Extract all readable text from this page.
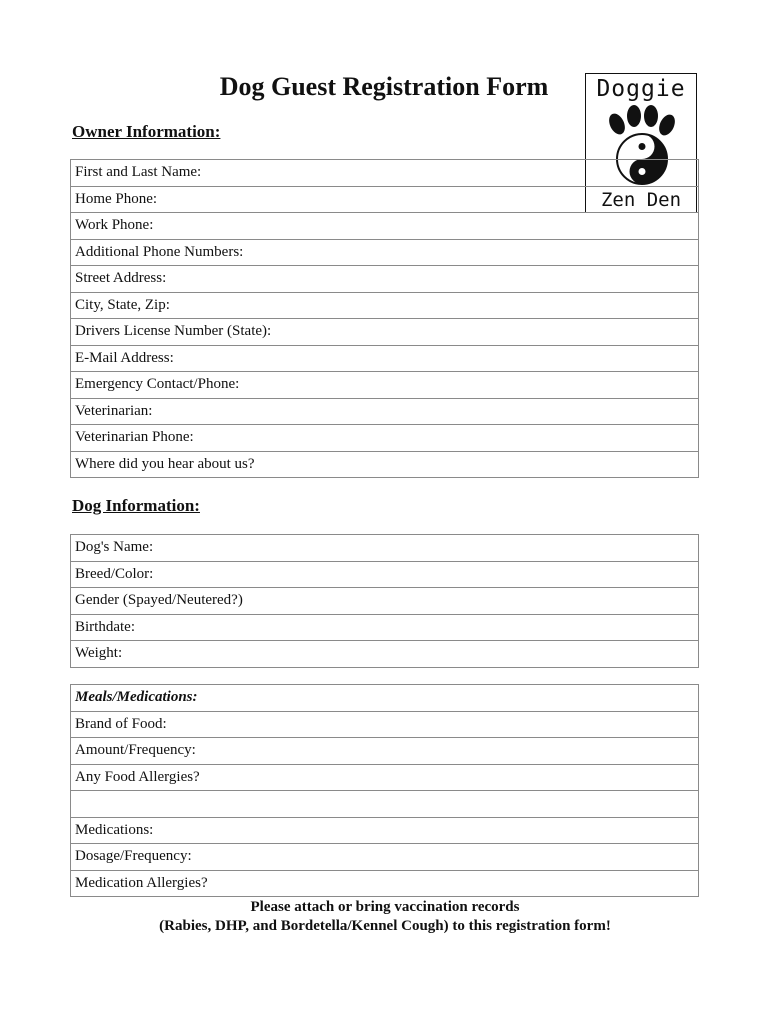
Dog Guest Registration Form	Doggie
Zen Den
Owner Information:
First and Last Name:
Home Phone:
Work Phone:
Additional Phone Numbers:
Street Address:
City, State, Zip:
Drivers License Number (State):
E-Mail Address:
Emergency Contact/Phone:
Veterinarian:
Veterinarian Phone:
Where did you hear about us?
Dog Information:
Dog's Name:
Breed/Color:
Gender (Spayed/Neutered?)
Birthdate:
Weight:
Meals/Medications:
Brand of Food:
Amount/Frequency:
Any Food Allergies?

Medications:
Dosage/Frequency:
Medication Allergies?
Please attach or bring vaccination records
(Rabies, DHP, and Bordetella/Kennel Cough) to this registration form!
